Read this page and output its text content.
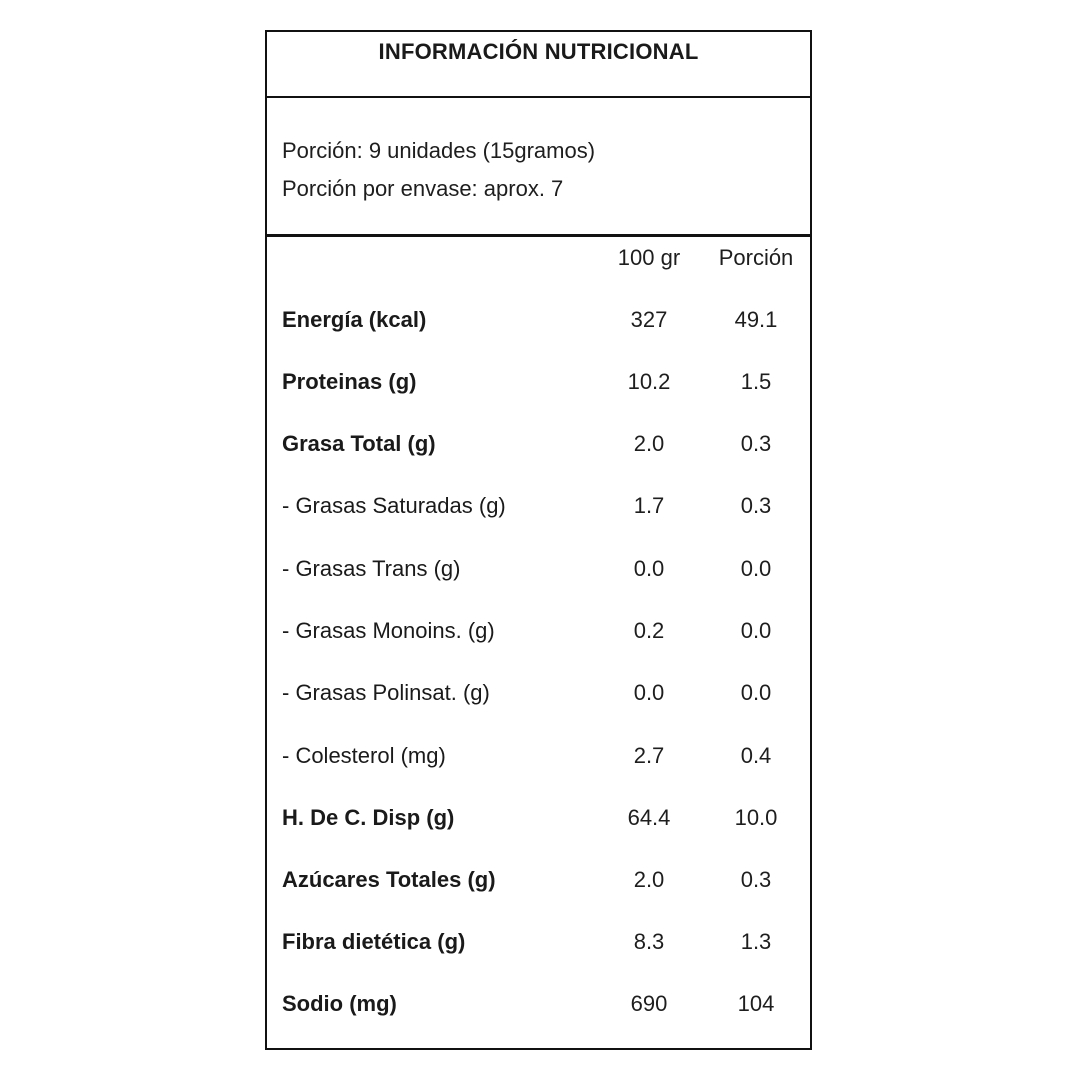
INFORMACIÓN NUTRICIONAL
Porción: 9 unidades (15gramos)
Porción por envase: aprox. 7
100 gr	Porción
Energía (kcal)	327	49.1
Proteinas (g)	10.2	1.5
Grasa Total (g)	2.0	0.3
- Grasas Saturadas (g)	1.7	0.3
- Grasas Trans (g)	0.0	0.0
- Grasas Monoins. (g)	0.2	0.0
- Grasas Polinsat. (g)	0.0	0.0
- Colesterol (mg)	2.7	0.4
H. De C. Disp (g)	64.4	10.0
Azúcares Totales (g)	2.0	0.3
Fibra dietética (g)	8.3	1.3
Sodio (mg)	690	104
